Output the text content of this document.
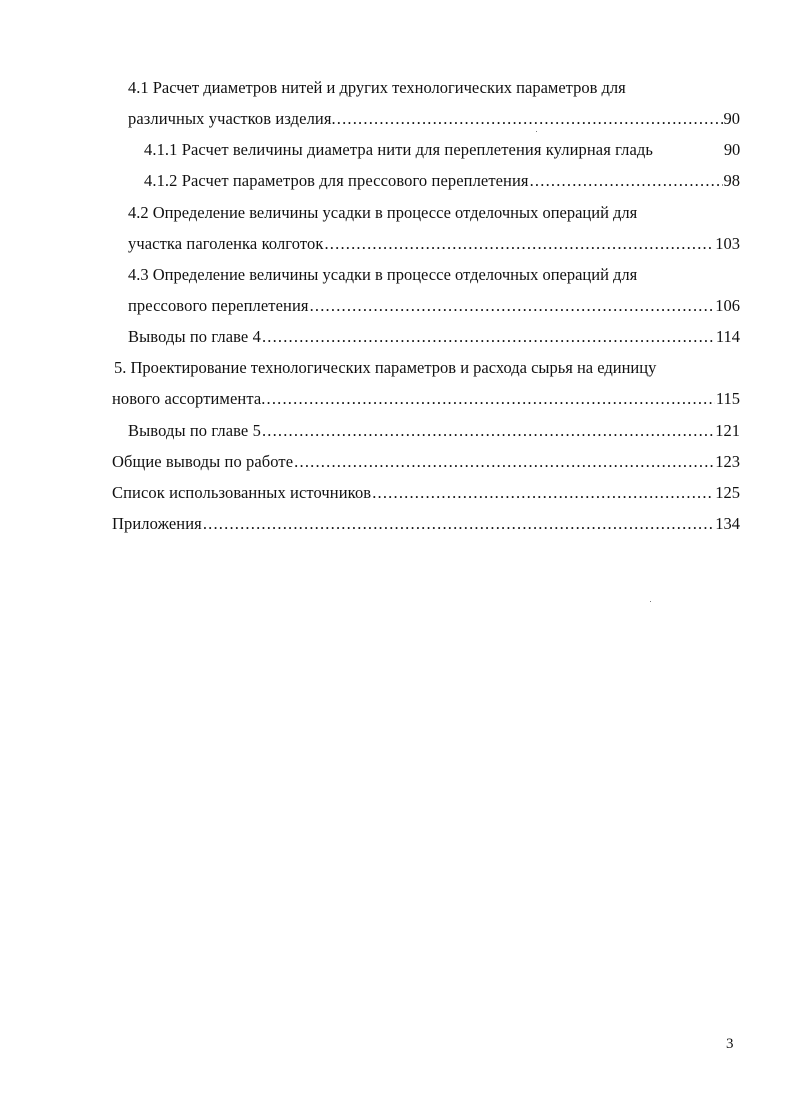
4.1 Расчет диаметров нитей и других технологических параметров для
различных участков изделия. .....	90
4.1.1 Расчет величины диаметра нити для переплетения кулирная гладь	90
4.1.2 Расчет параметров для прессового переплетения .....	98
4.2 Определение величины усадки в процессе отделочных операций для
участка паголенка колготок .....	103
4.3 Определение величины усадки в процессе отделочных операций для
прессового переплетения .....	106
Выводы по главе 4 .....	114
5. Проектирование технологических параметров и расхода сырья на единицу
нового ассортимента. .....	115
Выводы по главе 5 .....	121
Общие выводы по работе .....	123
Список использованных источников .....	125
Приложения .....	134
3
